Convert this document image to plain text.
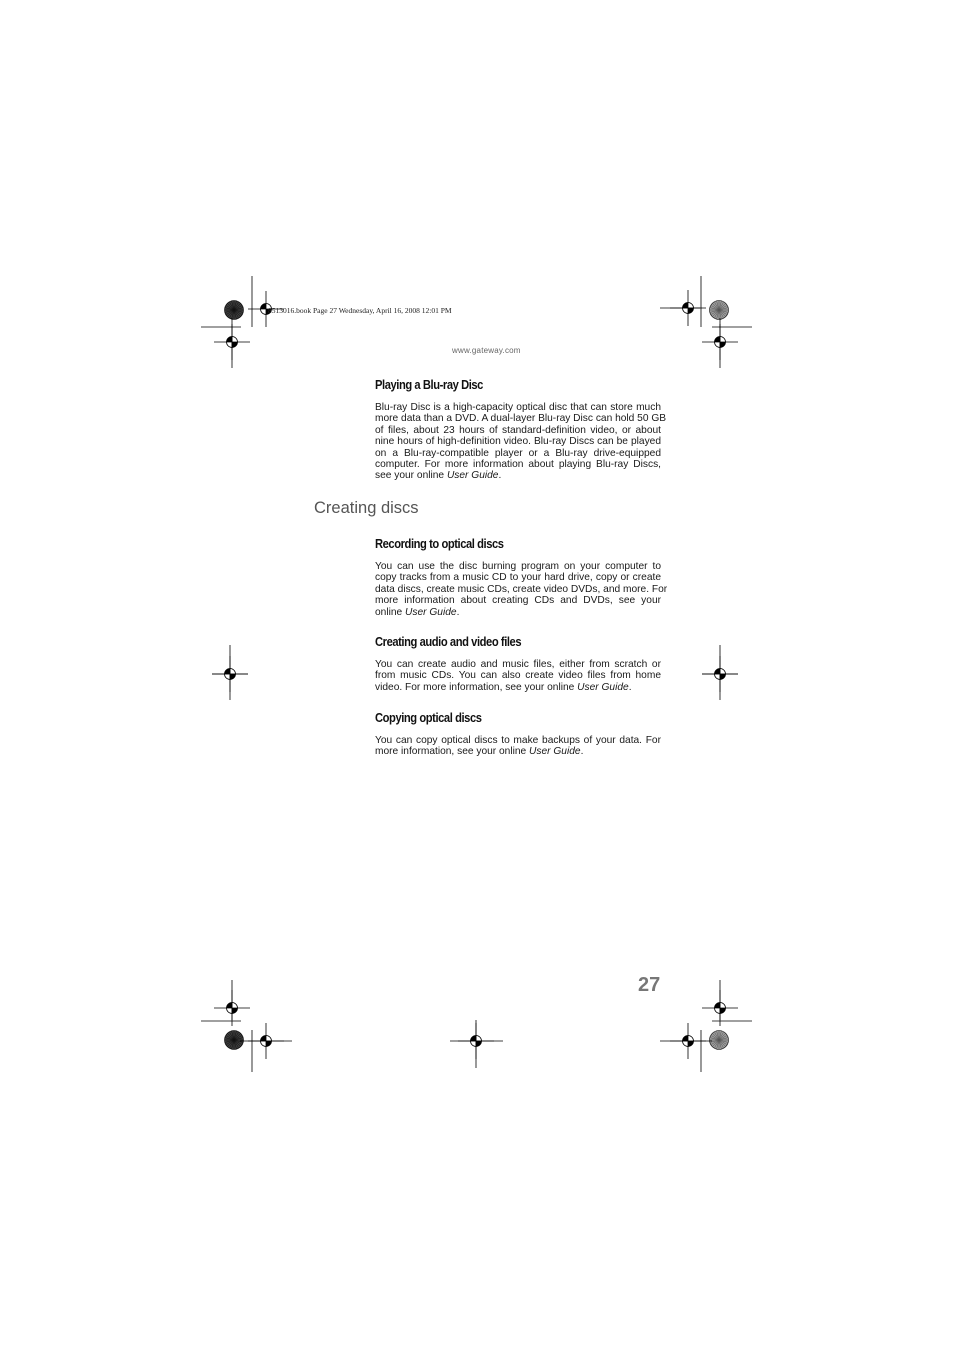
8513016.book Page 27 Wednesday, April 16, 2008 12:01 PM
www.gateway.com
Playing a Blu-ray Disc
Blu-ray Disc is a high-capacity optical disc that can store much
more data than a DVD. A dual-layer Blu-ray Disc can hold 50 GB
of files, about 23 hours of standard-definition video, or about
nine hours of high-definition video. Blu-ray Discs can be played
on a Blu-ray-compatible player or a Blu-ray drive-equipped
computer. For more information about playing Blu-ray Discs,
see your online User Guide.
Creating discs
Recording to optical discs
You can use the disc burning program on your computer to
copy tracks from a music CD to your hard drive, copy or create
data discs, create music CDs, create video DVDs, and more. For
more information about creating CDs and DVDs, see your
online User Guide.
Creating audio and video files
You can create audio and music files, either from scratch or
from music CDs. You can also create video files from home
video. For more information, see your online User Guide.
Copying optical discs
You can copy optical discs to make backups of your data. For
more information, see your online User Guide.
27
